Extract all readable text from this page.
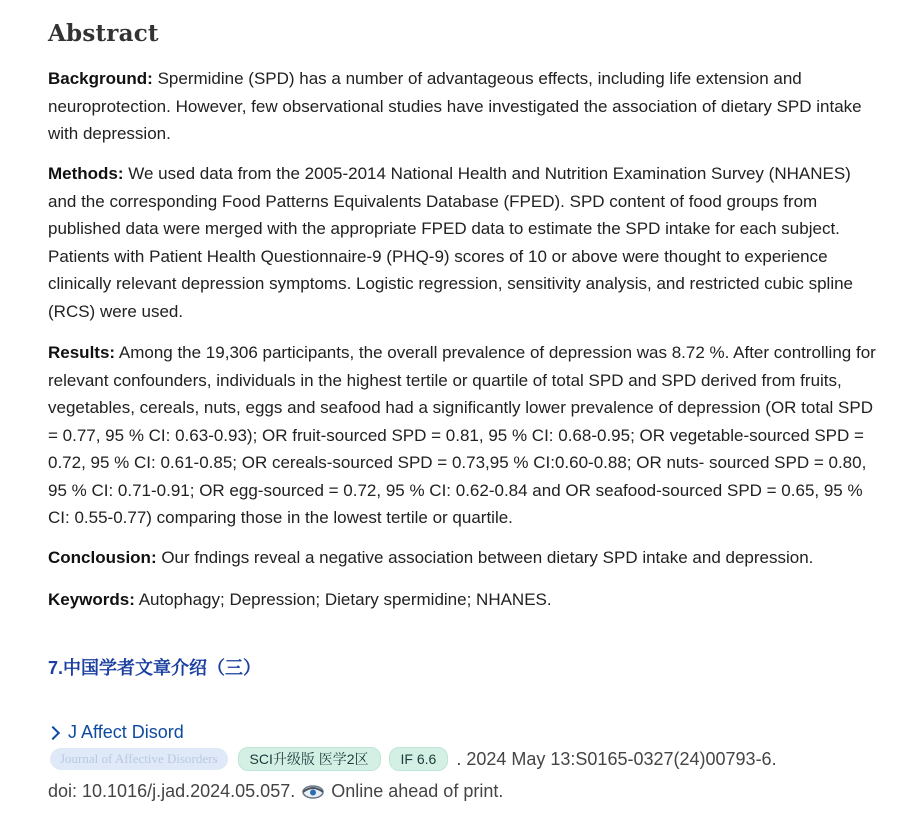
Abstract

Background: Spermidine (SPD) has a number of advantageous effects, including life extension and neuroprotection. However, few observational studies have investigated the association of dietary SPD intake with depression.

Methods: We used data from the 2005-2014 National Health and Nutrition Examination Survey (NHANES) and the corresponding Food Patterns Equivalents Database (FPED). SPD content of food groups from published data were merged with the appropriate FPED data to estimate the SPD intake for each subject. Patients with Patient Health Questionnaire-9 (PHQ-9) scores of 10 or above were thought to experience clinically relevant depression symptoms. Logistic regression, sensitivity analysis, and restricted cubic spline (RCS) were used.

Results: Among the 19,306 participants, the overall prevalence of depression was 8.72 %. After controlling for relevant confounders, individuals in the highest tertile or quartile of total SPD and SPD derived from fruits, vegetables, cereals, nuts, eggs and seafood had a significantly lower prevalence of depression (OR total SPD = 0.77, 95 % CI: 0.63-0.93); OR fruit-sourced SPD = 0.81, 95 % CI: 0.68-0.95; OR vegetable-sourced SPD = 0.72, 95 % CI: 0.61-0.85; OR cereals-sourced SPD = 0.73,95 % CI:0.60-0.88; OR nuts- sourced SPD = 0.80, 95 % CI: 0.71-0.91; OR egg-sourced = 0.72, 95 % CI: 0.62-0.84 and OR seafood-sourced SPD = 0.65, 95 % CI: 0.55-0.77) comparing those in the lowest tertile or quartile.

Conclousion: Our fndings reveal a negative association between dietary SPD intake and depression.

Keywords: Autophagy; Depression; Dietary spermidine; NHANES.

7.中国学者文章介绍（三）
J Affect Disord
Journal of Affective Disorders	SCI升级版 医学2区	IF 6.6	. 2024 May 13:S0165-0327(24)00793-6.
doi: 10.1016/j.jad.2024.05.057. Online ahead of print.
